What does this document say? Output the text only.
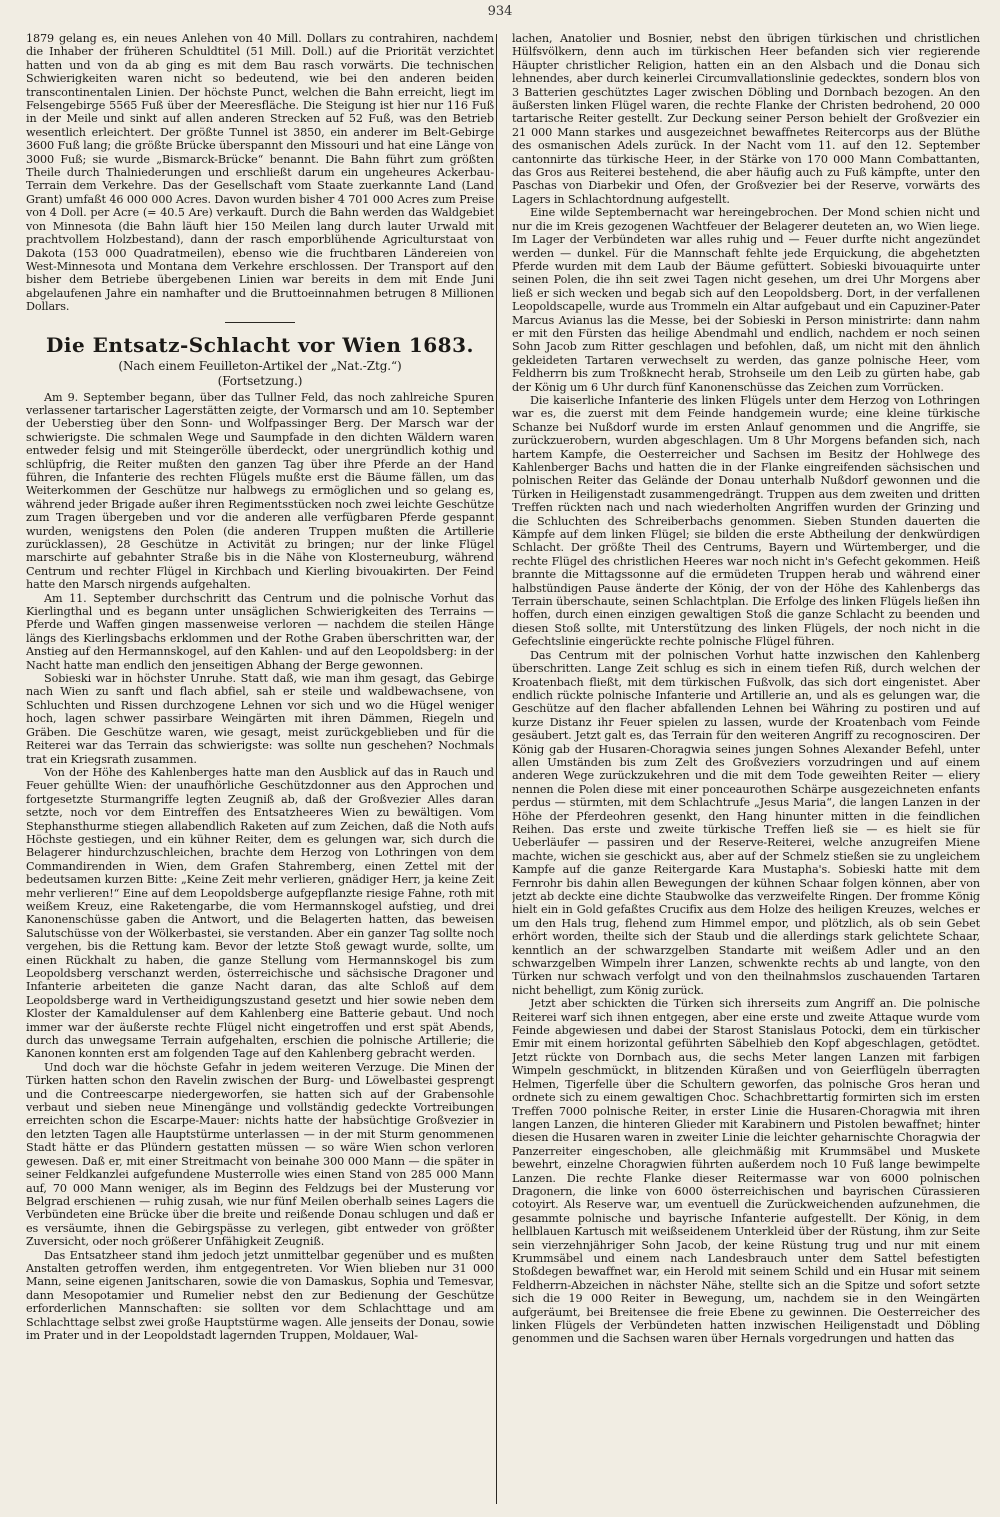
934

1879 gelang es, ein neues Anlehen von 40 Mill. Dollars zu contrahiren, nachdem die Inhaber der früheren Schuldtitel (51 Mill. Doll.) auf die Priorität verzichtet hatten und von da ab ging es mit dem Bau rasch vorwärts. Die technischen Schwierigkeiten waren nicht so bedeutend, wie bei den anderen beiden transcontinentalen Linien. Der höchste Punct, welchen die Bahn erreicht, liegt im Felsengebirge 5565 Fuß über der Meeresfläche. Die Steigung ist hier nur 116 Fuß in der Meile und sinkt auf allen anderen Strecken auf 52 Fuß, was den Betrieb wesentlich erleichtert. Der größte Tunnel ist 3850, ein anderer im Belt-Gebirge 3600 Fuß lang; die größte Brücke überspannt den Missouri und hat eine Länge von 3000 Fuß; sie wurde „Bismarck-Brücke“ benannt. Die Bahn führt zum größten Theile durch Thalniederungen und erschließt darum ein ungeheures Ackerbau-Terrain dem Verkehre. Das der Gesellschaft vom Staate zuerkannte Land (Land Grant) umfaßt 46 000 000 Acres. Davon wurden bisher 4 701 000 Acres zum Preise von 4 Doll. per Acre (= 40.5 Are) verkauft. Durch die Bahn werden das Waldgebiet von Minnesota (die Bahn läuft hier 150 Meilen lang durch lauter Urwald mit prachtvollem Holzbestand), dann der rasch emporblühende Agriculturstaat von Dakota (153 000 Quadratmeilen), ebenso wie die fruchtbaren Ländereien von West-Minnesota und Montana dem Verkehre erschlossen. Der Transport auf den bisher dem Betriebe übergebenen Linien war bereits in dem mit Ende Juni abgelaufenen Jahre ein namhafter und die Bruttoeinnahmen betrugen 8 Millionen Dollars.

Die Entsatz-Schlacht vor Wien 1683.
(Nach einem Feuilleton-Artikel der „Nat.-Ztg.“)
(Fortsetzung.)

Am 9. September begann, über das Tullner Feld, das noch zahlreiche Spuren verlassener tartarischer Lagerstätten zeigte, der Vormarsch und am 10. September der Ueberstieg über den Sonn- und Wolfpassinger Berg. Der Marsch war der schwierigste. Die schmalen Wege und Saumpfade in den dichten Wäldern waren entweder felsig und mit Steingerölle überdeckt, oder unergründlich kothig und schlüpfrig, die Reiter mußten den ganzen Tag über ihre Pferde an der Hand führen, die Infanterie des rechten Flügels mußte erst die Bäume fällen, um das Weiterkommen der Geschütze nur halbwegs zu ermöglichen und so gelang es, während jeder Brigade außer ihren Regimentsstücken noch zwei leichte Geschütze zum Tragen übergeben und vor die anderen alle verfügbaren Pferde gespannt wurden, wenigstens den Polen (die anderen Truppen mußten die Artillerie zurücklassen), 28 Geschütze in Activität zu bringen; nur der linke Flügel marschirte auf gebahnter Straße bis in die Nähe von Klosterneuburg, während Centrum und rechter Flügel in Kirchbach und Kierling bivouakirten. Der Feind hatte den Marsch nirgends aufgehalten.

Am 11. September durchschritt das Centrum und die polnische Vorhut das Kierlingthal und es begann unter unsäglichen Schwierigkeiten des Terrains — Pferde und Waffen gingen massenweise verloren — nachdem die steilen Hänge längs des Kierlingsbachs erklommen und der Rothe Graben überschritten war, der Anstieg auf den Hermannskogel, auf den Kahlen- und auf den Leopoldsberg: in der Nacht hatte man endlich den jenseitigen Abhang der Berge gewonnen.

Sobieski war in höchster Unruhe. Statt daß, wie man ihm gesagt, das Gebirge nach Wien zu sanft und flach abfiel, sah er steile und waldbewachsene, von Schluchten und Rissen durchzogene Lehnen vor sich und wo die Hügel weniger hoch, lagen schwer passirbare Weingärten mit ihren Dämmen, Riegeln und Gräben. Die Geschütze waren, wie gesagt, meist zurückgeblieben und für die Reiterei war das Terrain das schwierigste: was sollte nun geschehen? Nochmals trat ein Kriegsrath zusammen.

Von der Höhe des Kahlenberges hatte man den Ausblick auf das in Rauch und Feuer gehüllte Wien: der unaufhörliche Geschützdonner aus den Approchen und fortgesetzte Sturmangriffe legten Zeugniß ab, daß der Großvezier Alles daran setzte, noch vor dem Eintreffen des Entsatzheeres Wien zu bewältigen. Vom Stephansthurme stiegen allabendlich Raketen auf zum Zeichen, daß die Noth aufs Höchste gestiegen, und ein kühner Reiter, dem es gelungen war, sich durch die Belagerer hindurchzuschleichen, brachte dem Herzog von Lothringen von dem Commandirenden in Wien, dem Grafen Stahremberg, einen Zettel mit der bedeutsamen kurzen Bitte: „Keine Zeit mehr verlieren, gnädiger Herr, ja keine Zeit mehr verlieren!“ Eine auf dem Leopoldsberge aufgepflanzte riesige Fahne, roth mit weißem Kreuz, eine Raketengarbe, die vom Hermannskogel aufstieg, und drei Kanonenschüsse gaben die Antwort, und die Belagerten hatten, das beweisen Salutschüsse von der Wölkerbastei, sie verstanden. Aber ein ganzer Tag sollte noch vergehen, bis die Rettung kam. Bevor der letzte Stoß gewagt wurde, sollte, um einen Rückhalt zu haben, die ganze Stellung vom Hermannskogel bis zum Leopoldsberg verschanzt werden, österreichische und sächsische Dragoner und Infanterie arbeiteten die ganze Nacht daran, das alte Schloß auf dem Leopoldsberge ward in Vertheidigungszustand gesetzt und hier sowie neben dem Kloster der Kamaldulenser auf dem Kahlenberg eine Batterie gebaut. Und noch immer war der äußerste rechte Flügel nicht eingetroffen und erst spät Abends, durch das unwegsame Terrain aufgehalten, erschien die polnische Artillerie; die Kanonen konnten erst am folgenden Tage auf den Kahlenberg gebracht werden.

Und doch war die höchste Gefahr in jedem weiteren Verzuge. Die Minen der Türken hatten schon den Ravelin zwischen der Burg- und Löwelbastei gesprengt und die Contreescarpe niedergeworfen, sie hatten sich auf der Grabensohle verbaut und sieben neue Minengänge und vollständig gedeckte Vortreibungen erreichten schon die Escarpe-Mauer: nichts hatte der habsüchtige Großvezier in den letzten Tagen alle Hauptstürme unterlassen — in der mit Sturm genommenen Stadt hätte er das Plündern gestatten müssen — so wäre Wien schon verloren gewesen. Daß er, mit einer Streitmacht von beinahe 300 000 Mann — die später in seiner Feldkanzlei aufgefundene Musterrolle wies einen Stand von 285 000 Mann auf, 70 000 Mann weniger, als im Beginn des Feldzugs bei der Musterung vor Belgrad erschienen — ruhig zusah, wie nur fünf Meilen oberhalb seines Lagers die Verbündeten eine Brücke über die breite und reißende Donau schlugen und daß er es versäumte, ihnen die Gebirgspässe zu verlegen, gibt entweder von größter Zuversicht, oder noch größerer Unfähigkeit Zeugniß.

Das Entsatzheer stand ihm jedoch jetzt unmittelbar gegenüber und es mußten Anstalten getroffen werden, ihm entgegentreten. Vor Wien blieben nur 31 000 Mann, seine eigenen Janitscharen, sowie die von Damaskus, Sophia und Temesvar, dann Mesopotamier und Rumelier nebst den zur Bedienung der Geschütze erforderlichen Mannschaften: sie sollten vor dem Schlachttage und am Schlachttage selbst zwei große Hauptstürme wagen. Alle jenseits der Donau, sowie im Prater und in der Leopoldstadt lagernden Truppen, Moldauer, Wal-

lachen, Anatolier und Bosnier, nebst den übrigen türkischen und christlichen Hülfsvölkern, denn auch im türkischen Heer befanden sich vier regierende Häupter christlicher Religion, hatten ein an den Alsbach und die Donau sich lehnendes, aber durch keinerlei Circumvallationslinie gedecktes, sondern blos von 3 Batterien geschütztes Lager zwischen Döbling und Dornbach bezogen. An den äußersten linken Flügel waren, die rechte Flanke der Christen bedrohend, 20 000 tartarische Reiter gestellt. Zur Deckung seiner Person behielt der Großvezier ein 21 000 Mann starkes und ausgezeichnet bewaffnetes Reitercorps aus der Blüthe des osmanischen Adels zurück. In der Nacht vom 11. auf den 12. September cantonnirte das türkische Heer, in der Stärke von 170 000 Mann Combattanten, das Gros aus Reiterei bestehend, die aber häufig auch zu Fuß kämpfte, unter den Paschas von Diarbekir und Ofen, der Großvezier bei der Reserve, vorwärts des Lagers in Schlachtordnung aufgestellt.

Eine wilde Septembernacht war hereingebrochen. Der Mond schien nicht und nur die im Kreis gezogenen Wachtfeuer der Belagerer deuteten an, wo Wien liege. Im Lager der Verbündeten war alles ruhig und — Feuer durfte nicht angezündet werden — dunkel. Für die Mannschaft fehlte jede Erquickung, die abgehetzten Pferde wurden mit dem Laub der Bäume gefüttert. Sobieski bivouaquirte unter seinen Polen, die ihn seit zwei Tagen nicht gesehen, um drei Uhr Morgens aber ließ er sich wecken und begab sich auf den Leopoldsberg. Dort, in der verfallenen Leopoldscapelle, wurde aus Trommeln ein Altar aufgebaut und ein Capuziner-Pater Marcus Avianus las die Messe, bei der Sobieski in Person ministrirte: dann nahm er mit den Fürsten das heilige Abendmahl und endlich, nachdem er noch seinen Sohn Jacob zum Ritter geschlagen und befohlen, daß, um nicht mit den ähnlich gekleideten Tartaren verwechselt zu werden, das ganze polnische Heer, vom Feldherrn bis zum Troßknecht herab, Strohseile um den Leib zu gürten habe, gab der König um 6 Uhr durch fünf Kanonenschüsse das Zeichen zum Vorrücken.

Die kaiserliche Infanterie des linken Flügels unter dem Herzog von Lothringen war es, die zuerst mit dem Feinde handgemein wurde; eine kleine türkische Schanze bei Nußdorf wurde im ersten Anlauf genommen und die Angriffe, sie zurückzuerobern, wurden abgeschlagen. Um 8 Uhr Morgens befanden sich, nach hartem Kampfe, die Oesterreicher und Sachsen im Besitz der Hohlwege des Kahlenberger Bachs und hatten die in der Flanke eingreifenden sächsischen und polnischen Reiter das Gelände der Donau unterhalb Nußdorf gewonnen und die Türken in Heiligenstadt zusammengedrängt. Truppen aus dem zweiten und dritten Treffen rückten nach und nach wiederholten Angriffen wurden der Grinzing und die Schluchten des Schreiberbachs genommen. Sieben Stunden dauerten die Kämpfe auf dem linken Flügel; sie bilden die erste Abtheilung der denkwürdigen Schlacht. Der größte Theil des Centrums, Bayern und Würtemberger, und die rechte Flügel des christlichen Heeres war noch nicht in's Gefecht gekommen. Heiß brannte die Mittagssonne auf die ermüdeten Truppen herab und während einer halbstündigen Pause änderte der König, der von der Höhe des Kahlenbergs das Terrain überschaute, seinen Schlachtplan. Die Erfolge des linken Flügels ließen ihn hoffen, durch einen einzigen gewaltigen Stoß die ganze Schlacht zu beenden und diesen Stoß sollte, mit Unterstützung des linken Flügels, der noch nicht in die Gefechtslinie eingerückte rechte polnische Flügel führen.

Das Centrum mit der polnischen Vorhut hatte inzwischen den Kahlenberg überschritten. Lange Zeit schlug es sich in einem tiefen Riß, durch welchen der Kroatenbach fließt, mit dem türkischen Fußvolk, das sich dort eingenistet. Aber endlich rückte polnische Infanterie und Artillerie an, und als es gelungen war, die Geschütze auf den flacher abfallenden Lehnen bei Währing zu postiren und auf kurze Distanz ihr Feuer spielen zu lassen, wurde der Kroatenbach vom Feinde gesäubert. Jetzt galt es, das Terrain für den weiteren Angriff zu recognosciren. Der König gab der Husaren-Choragwia seines jungen Sohnes Alexander Befehl, unter allen Umständen bis zum Zelt des Großveziers vorzudringen und auf einem anderen Wege zurückzukehren und die mit dem Tode geweihten Reiter — eliery nennen die Polen diese mit einer ponceaurothen Schärpe ausgezeichneten enfants perdus — stürmten, mit dem Schlachtrufe „Jesus Maria“, die langen Lanzen in der Höhe der Pferdeohren gesenkt, den Hang hinunter mitten in die feindlichen Reihen. Das erste und zweite türkische Treffen ließ sie — es hielt sie für Ueberläufer — passiren und der Reserve-Reiterei, welche anzugreifen Miene machte, wichen sie geschickt aus, aber auf der Schmelz stießen sie zu ungleichem Kampfe auf die ganze Reitergarde Kara Mustapha's. Sobieski hatte mit dem Fernrohr bis dahin allen Bewegungen der kühnen Schaar folgen können, aber von jetzt ab deckte eine dichte Staubwolke das verzweifelte Ringen. Der fromme König hielt ein in Gold gefaßtes Crucifix aus dem Holze des heiligen Kreuzes, welches er um den Hals trug, flehend zum Himmel empor, und plötzlich, als ob sein Gebet erhört worden, theilte sich der Staub und die allerdings stark gelichtete Schaar, kenntlich an der schwarzgelben Standarte mit weißem Adler und an den schwarzgelben Wimpeln ihrer Lanzen, schwenkte rechts ab und langte, von den Türken nur schwach verfolgt und von den theilnahmslos zuschauenden Tartaren nicht behelligt, zum König zurück.

Jetzt aber schickten die Türken sich ihrerseits zum Angriff an. Die polnische Reiterei warf sich ihnen entgegen, aber eine erste und zweite Attaque wurde vom Feinde abgewiesen und dabei der Starost Stanislaus Potocki, dem ein türkischer Emir mit einem horizontal geführten Säbelhieb den Kopf abgeschlagen, getödtet. Jetzt rückte von Dornbach aus, die sechs Meter langen Lanzen mit farbigen Wimpeln geschmückt, in blitzenden Küraßen und von Geierflügeln überragten Helmen, Tigerfelle über die Schultern geworfen, das polnische Gros heran und ordnete sich zu einem gewaltigen Choc. Schachbrettartig formirten sich im ersten Treffen 7000 polnische Reiter, in erster Linie die Husaren-Choragwia mit ihren langen Lanzen, die hinteren Glieder mit Karabinern und Pistolen bewaffnet; hinter diesen die Husaren waren in zweiter Linie die leichter geharnischte Choragwia der Panzerreiter eingeschoben, alle gleichmäßig mit Krummsäbel und Muskete bewehrt, einzelne Choragwien führten außerdem noch 10 Fuß lange bewimpelte Lanzen. Die rechte Flanke dieser Reitermasse war von 6000 polnischen Dragonern, die linke von 6000 österreichischen und bayrischen Cürassieren cotoyirt. Als Reserve war, um eventuell die Zurückweichenden aufzunehmen, die gesammte polnische und bayrische Infanterie aufgestellt. Der König, in dem hellblauen Kartusch mit weißseidenem Unterkleid über der Rüstung, ihm zur Seite sein vierzehnjähriger Sohn Jacob, der keine Rüstung trug und nur mit einem Krummsäbel und einem nach Landesbrauch unter dem Sattel befestigten Stoßdegen bewaffnet war, ein Herold mit seinem Schild und ein Husar mit seinem Feldherrn-Abzeichen in nächster Nähe, stellte sich an die Spitze und sofort setzte sich die 19 000 Reiter in Bewegung, um, nachdem sie in den Weingärten aufgeräumt, bei Breitensee die freie Ebene zu gewinnen. Die Oesterreicher des linken Flügels der Verbündeten hatten inzwischen Heiligenstadt und Döbling genommen und die Sachsen waren über Hernals vorgedrungen und hatten das
